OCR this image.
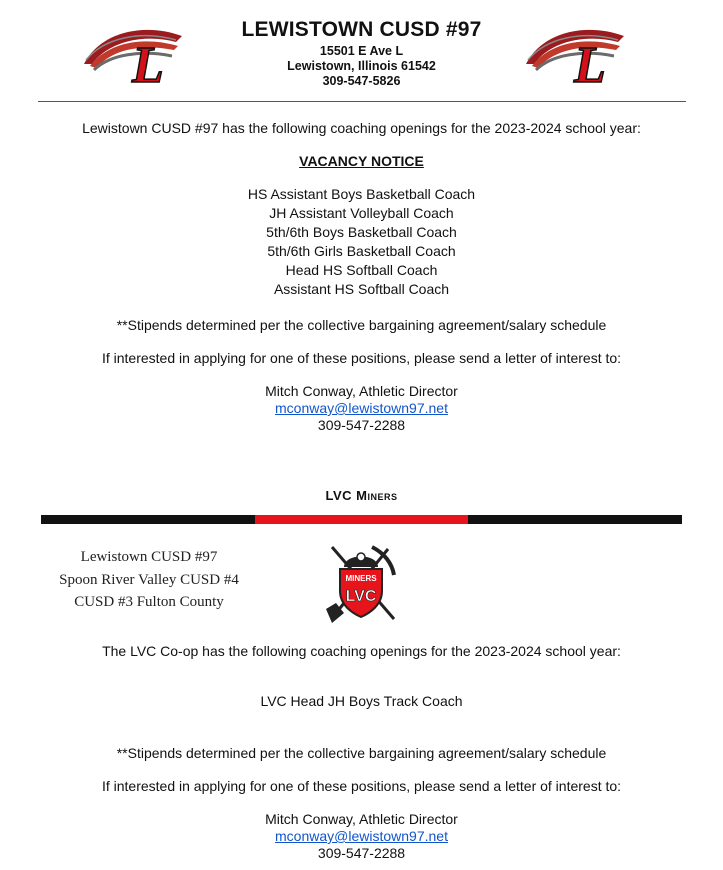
L
LEWISTOWN CUSD #97
15501 E Ave L
Lewistown, Illinois 61542
309-547-5826	L
Lewistown CUSD #97 has the following coaching openings for the 2023-2024 school year:
VACANCY NOTICE
HS Assistant Boys Basketball Coach
JH Assistant Volleyball Coach
5th/6th Boys Basketball Coach
5th/6th Girls Basketball Coach
Head HS Softball Coach
Assistant HS Softball Coach
**Stipends determined per the collective bargaining agreement/salary schedule
If interested in applying for one of these positions, please send a letter of interest to:
Mitch Conway, Athletic Director
mconway@lewistown97.net
309-547-2288
LVC Miners
Lewistown CUSD #97
Spoon River Valley CUSD #4
CUSD #3 Fulton County
MINERS
LVC
The LVC Co-op has the following coaching openings for the 2023-2024 school year:
LVC Head JH Boys Track Coach
**Stipends determined per the collective bargaining agreement/salary schedule
If interested in applying for one of these positions, please send a letter of interest to:
Mitch Conway, Athletic Director
mconway@lewistown97.net
309-547-2288
